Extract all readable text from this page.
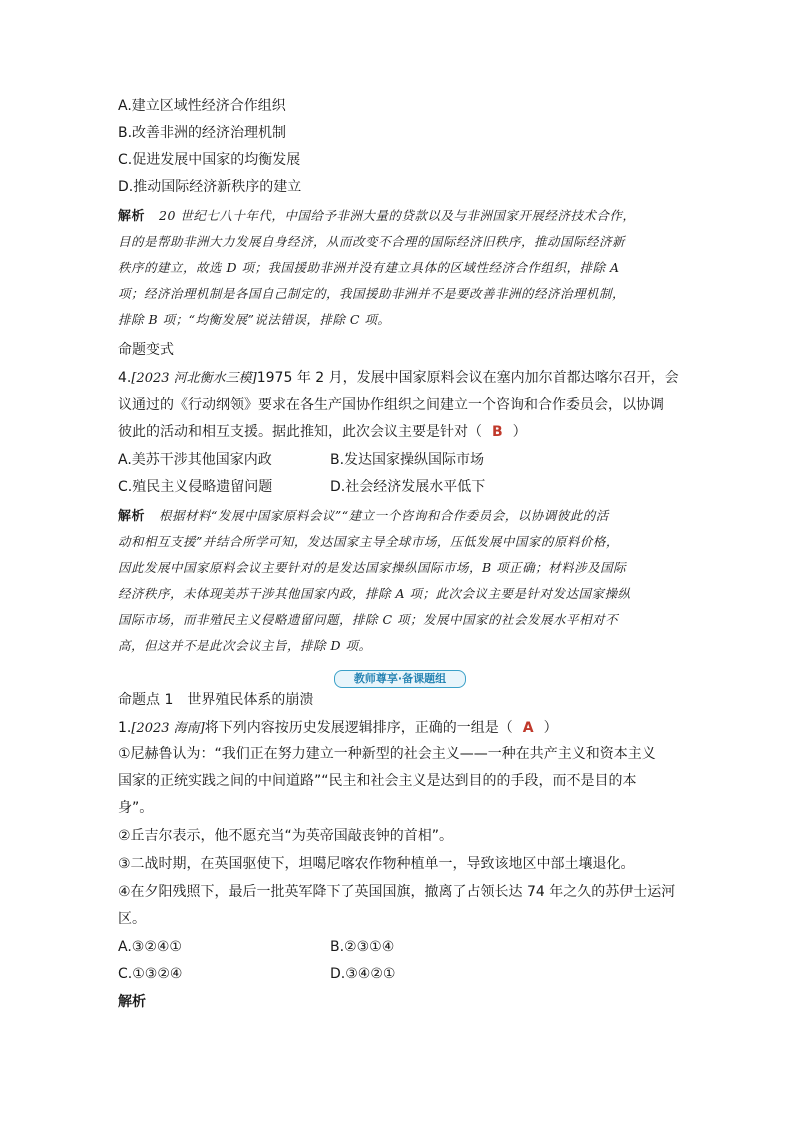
A.建立区域性经济合作组织
B.改善非洲的经济治理机制
C.促进发展中国家的均衡发展
D.推动国际经济新秩序的建立
解析 20 世纪七八十年代，中国给予非洲大量的贷款以及与非洲国家开展经济技术合作，
目的是帮助非洲大力发展自身经济，从而改变不合理的国际经济旧秩序，推动国际经济新
秩序的建立，故选 D 项；我国援助非洲并没有建立具体的区域性经济合作组织，排除 A
项；经济治理机制是各国自己制定的，我国援助非洲并不是要改善非洲的经济治理机制，
排除 B 项；“均衡发展”说法错误，排除 C 项。
命题变式
4.[2023 河北衡水三模]1975 年 2 月，发展中国家原料会议在塞内加尔首都达喀尔召开，会
议通过的《行动纲领》要求在各生产国协作组织之间建立一个咨询和合作委员会，以协调
彼此的活动和相互支援。据此推知，此次会议主要是针对（ B ）
A.美苏干涉其他国家内政	B.发达国家操纵国际市场
C.殖民主义侵略遗留问题	D.社会经济发展水平低下
解析 根据材料“发展中国家原料会议”“建立一个咨询和合作委员会，以协调彼此的活
动和相互支援”并结合所学可知，发达国家主导全球市场，压低发展中国家的原料价格，
因此发展中国家原料会议主要针对的是发达国家操纵国际市场，B 项正确；材料涉及国际
经济秩序，未体现美苏干涉其他国家内政，排除 A 项；此次会议主要是针对发达国家操纵
国际市场，而非殖民主义侵略遗留问题，排除 C 项；发展中国家的社会发展水平相对不
高，但这并不是此次会议主旨，排除 D 项。
教师尊享·备课题组
命题点 1　世界殖民体系的崩溃
1.[2023 海南]将下列内容按历史发展逻辑排序，正确的一组是（ A ）
①尼赫鲁认为：“我们正在努力建立一种新型的社会主义——一种在共产主义和资本主义
国家的正统实践之间的中间道路”“民主和社会主义是达到目的的手段，而不是目的本
身”。
②丘吉尔表示，他不愿充当“为英帝国敲丧钟的首相”。
③二战时期，在英国驱使下，坦噶尼喀农作物种植单一，导致该地区中部土壤退化。
④在夕阳残照下，最后一批英军降下了英国国旗，撤离了占领长达 74 年之久的苏伊士运河
区。
A.③②④①	B.②③①④
C.①③②④	D.③④②①
解析
